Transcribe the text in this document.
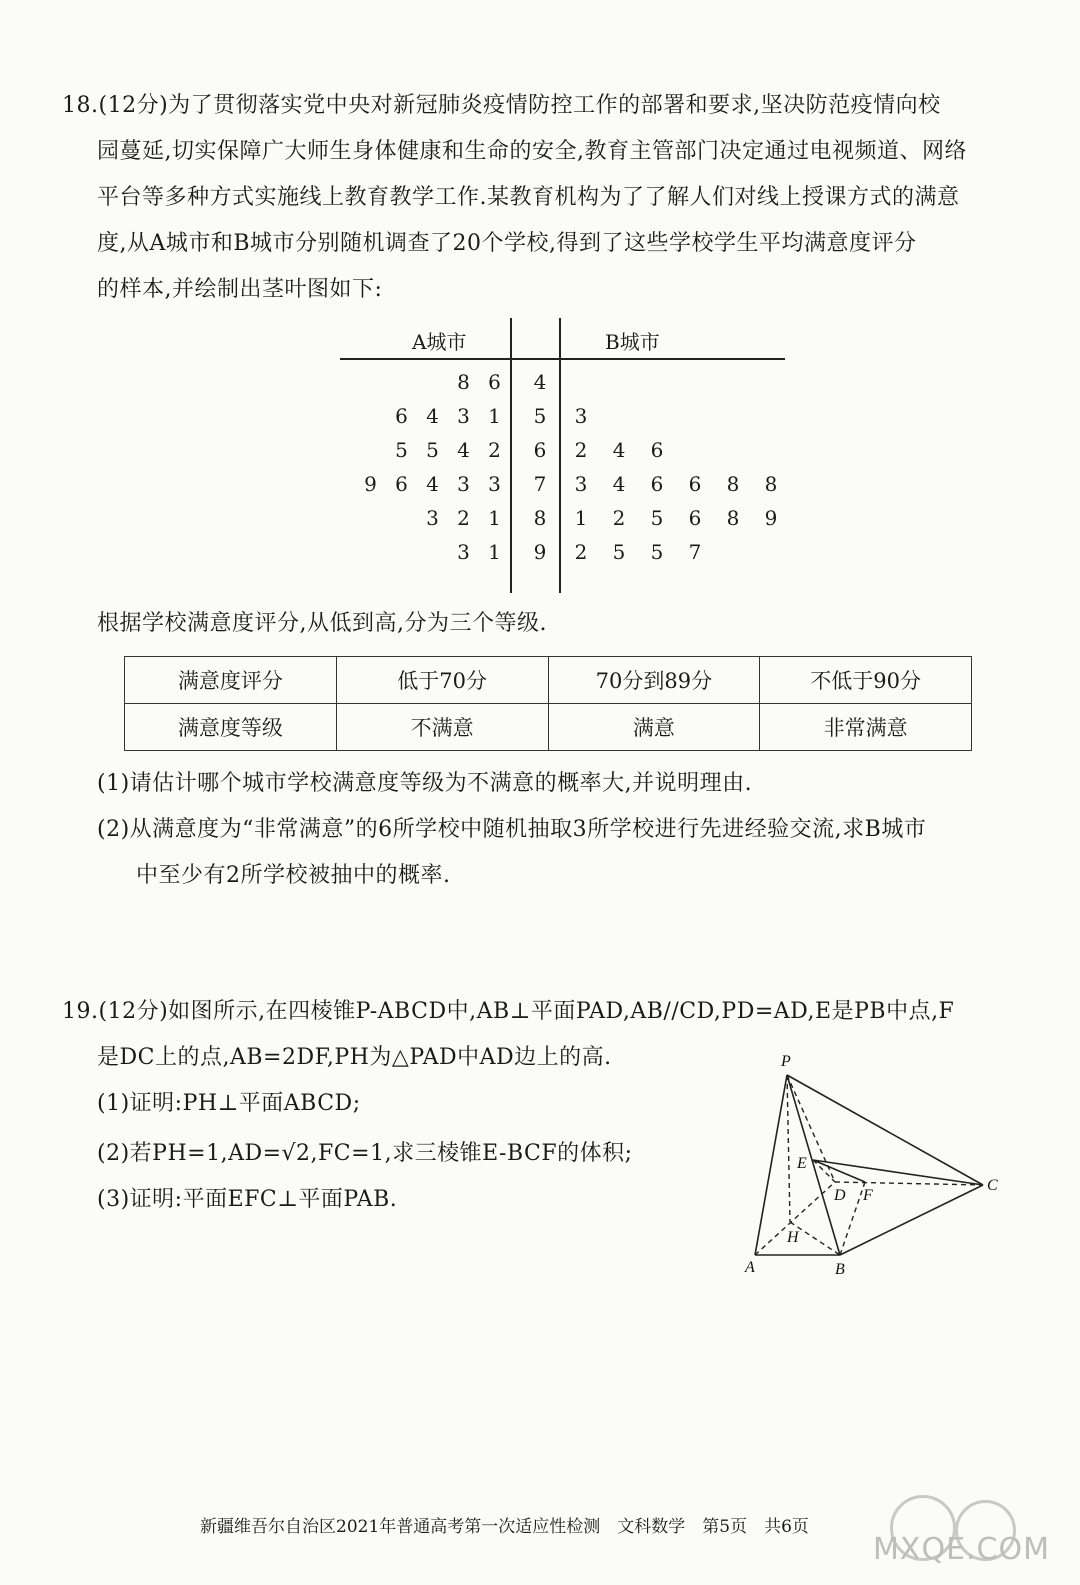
18.(12分)为了贯彻落实党中央对新冠肺炎疫情防控工作的部署和要求,坚决防范疫情向校
园蔓延,切实保障广大师生身体健康和生命的安全,教育主管部门决定通过电视频道、网络
平台等多种方式实施线上教育教学工作.某教育机构为了了解人们对线上授课方式的满意
度,从A城市和B城市分别随机调查了20个学校,得到了这些学校学生平均满意度评分
的样本,并绘制出茎叶图如下:
A城市	B城市
8 6	4
6 4 3 1	5	3
5 5 4 2	6	2 4 6
9 6 4 3 3	7	3 4 6 6 8 8
3 2 1	8	1 2 5 6 8 9
3 1	9	2 5 5 7
根据学校满意度评分,从低到高,分为三个等级.
满意度评分	低于70分	70分到89分	不低于90分
满意度等级	不满意	满意	非常满意
(1)请估计哪个城市学校满意度等级为不满意的概率大,并说明理由.
(2)从满意度为“非常满意”的6所学校中随机抽取3所学校进行先进经验交流,求B城市
中至少有2所学校被抽中的概率.
19.(12分)如图所示,在四棱锥P-ABCD中,AB⊥平面PAD,AB//CD,PD=AD,E是PB中点,F
是DC上的点,AB=2DF,PH为△PAD中AD边上的高.
(1)证明:PH⊥平面ABCD;
(2)若PH=1,AD=√2,FC=1,求三棱锥E-BCF的体积;
(3)证明:平面EFC⊥平面PAB.
P
E
D F
C
H
A	B
新疆维吾尔自治区2021年普通高考第一次适应性检测　文科数学　第5页　共6页
MXQE.COM
